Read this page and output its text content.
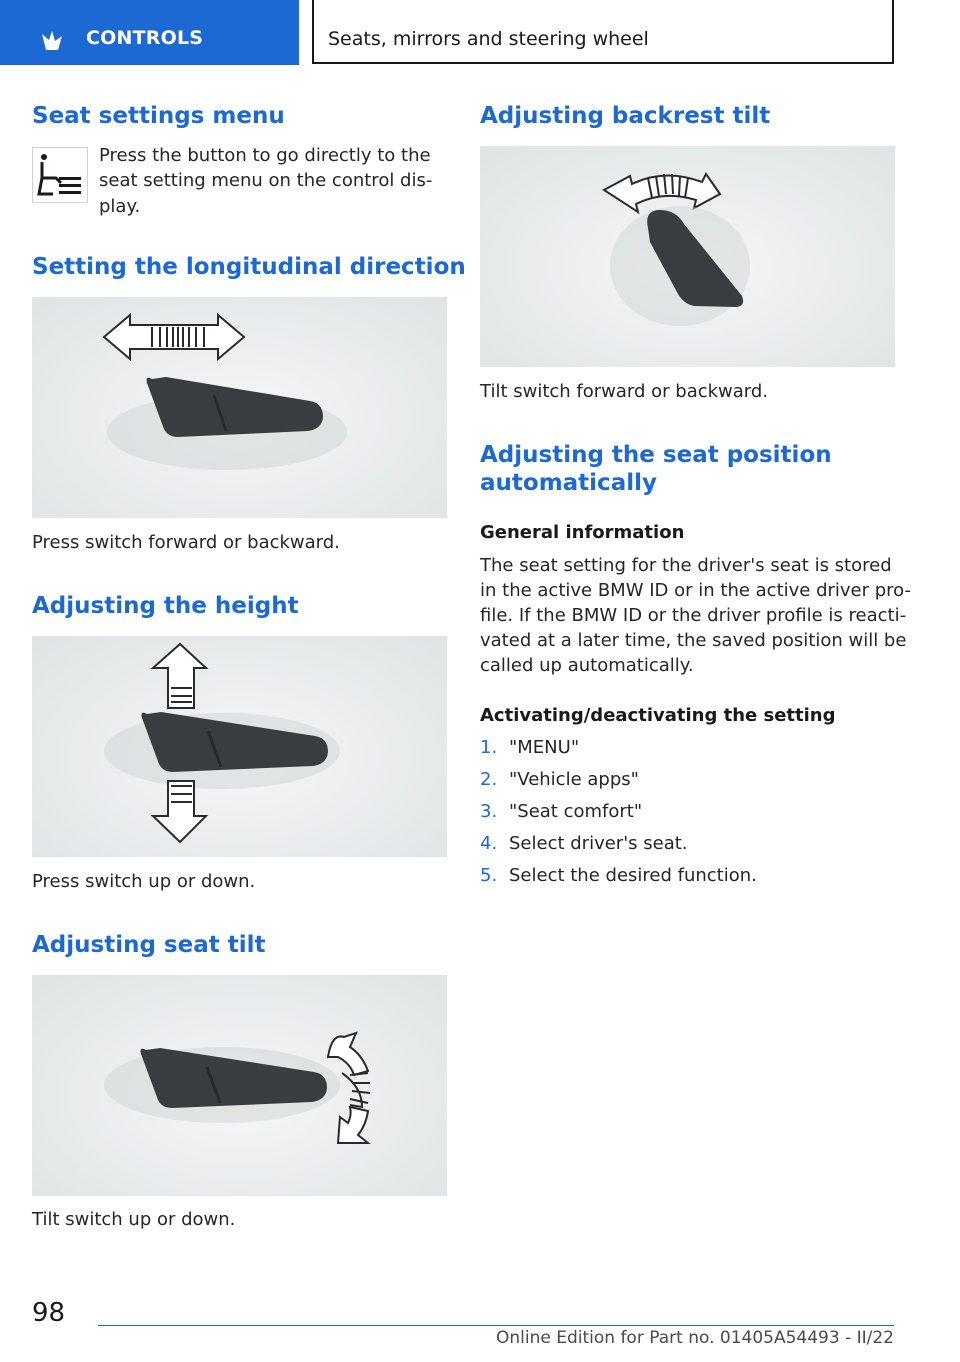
CONTROLS	Seats, mirrors and steering wheel
Seat settings menu

Press the button to go directly to the

seat setting menu on the control dis-

play.

Setting the longitudinal direction

Press switch forward or backward.

Adjusting the height

Press switch up or down.

Adjusting seat tilt

Tilt switch up or down.

Adjusting backrest tilt

Tilt switch forward or backward.

Adjusting the seat position
automatically
General information

The seat setting for the driver's seat is stored

in the active BMW ID or in the active driver pro-

file. If the BMW ID or the driver profile is reacti-

vated at a later time, the saved position will be

called up automatically.

Activating/deactivating the setting
1. "MENU"
2. "Vehicle apps"
3. "Seat comfort"
4. Select driver's seat.
5. Select the desired function.
98
Online Edition for Part no. 01405A54493 - II/22
